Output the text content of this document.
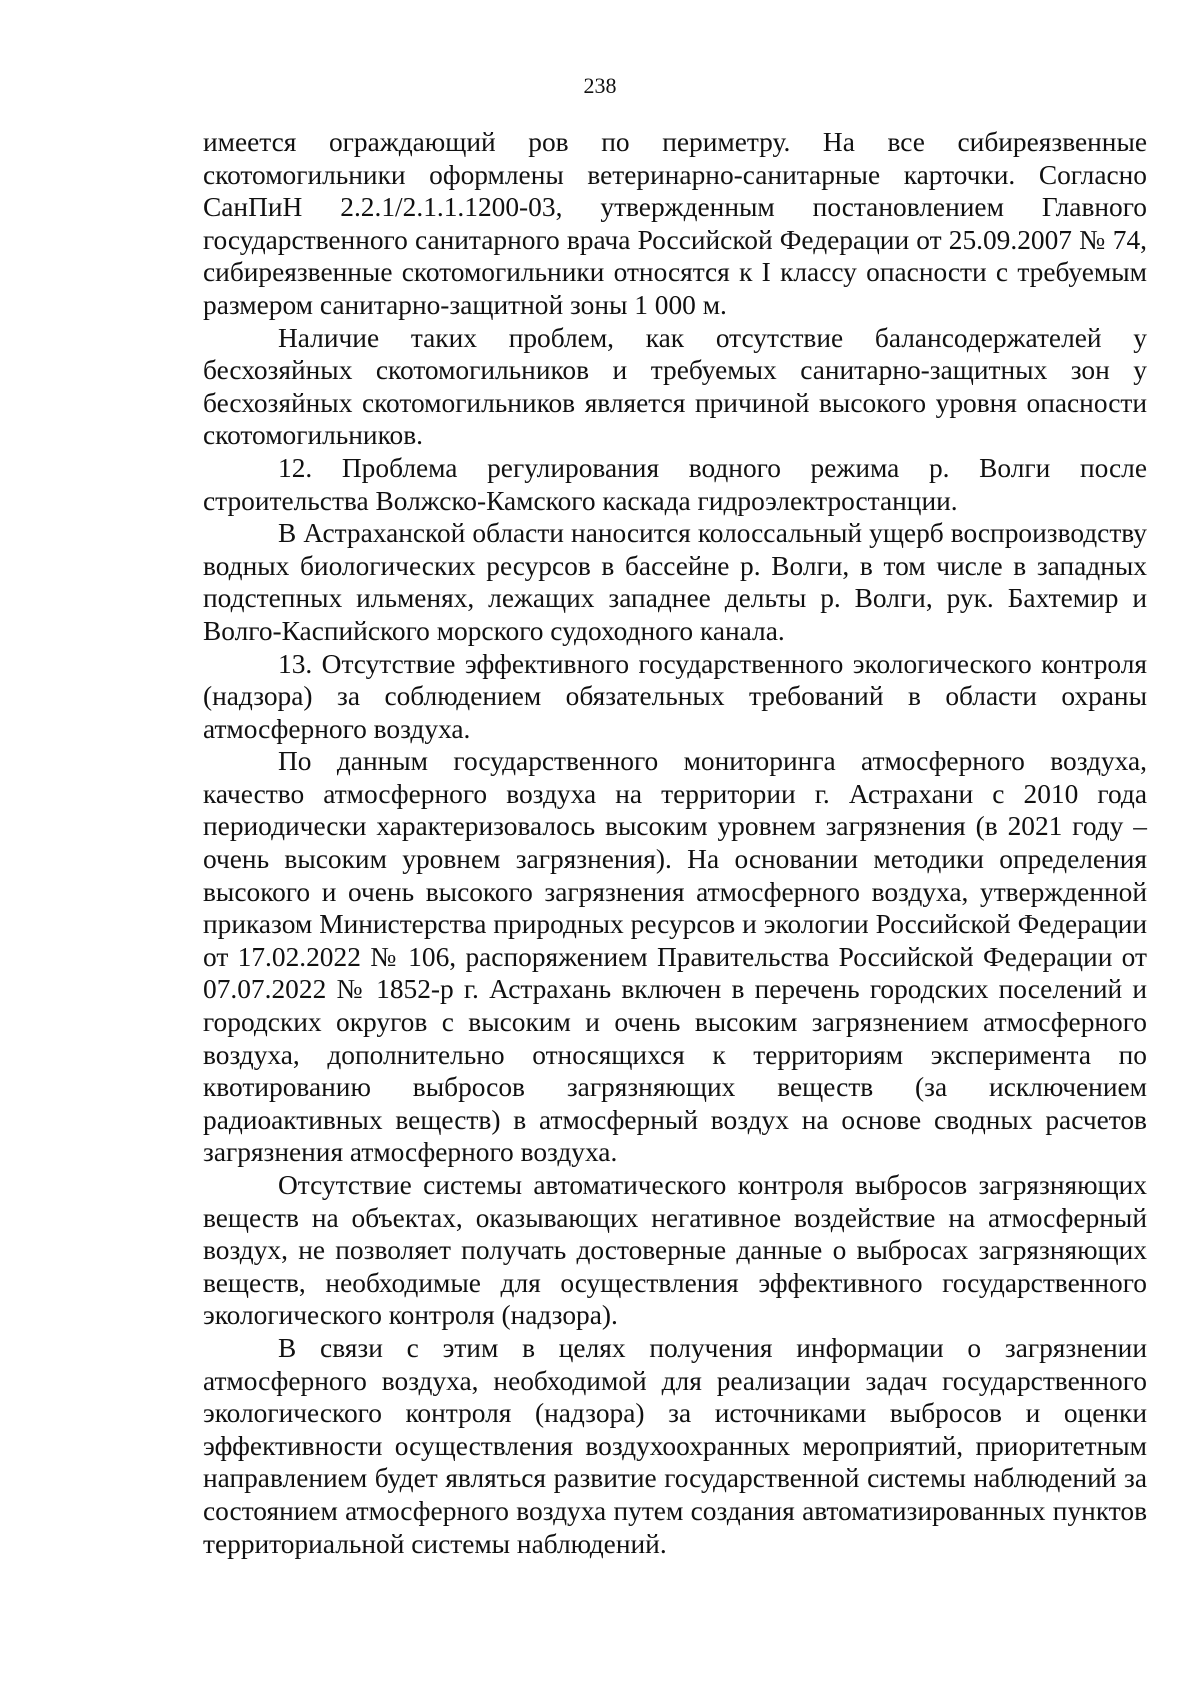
238

имеется ограждающий ров по периметру. На все сибиреязвенные скотомогильники оформлены ветеринарно-санитарные карточки. Согласно СанПиН 2.2.1/2.1.1.1200-03, утвержденным постановлением Главного государственного санитарного врача Российской Федерации от 25.09.2007 № 74, сибиреязвенные скотомогильники относятся к I классу опасности с требуемым размером санитарно-защитной зоны 1 000 м.

Наличие таких проблем, как отсутствие балансодержателей у бесхозяйных скотомогильников и требуемых санитарно-защитных зон у бесхозяйных скотомогильников является причиной высокого уровня опасности скотомогильников.

12. Проблема регулирования водного режима р. Волги после строительства Волжско-Камского каскада гидроэлектростанции.

В Астраханской области наносится колоссальный ущерб воспроизводству водных биологических ресурсов в бассейне р. Волги, в том числе в западных подстепных ильменях, лежащих западнее дельты р. Волги, рук. Бахтемир и Волго-Каспийского морского судоходного канала.

13. Отсутствие эффективного государственного экологического контроля (надзора) за соблюдением обязательных требований в области охраны атмосферного воздуха.

По данным государственного мониторинга атмосферного воздуха, качество атмосферного воздуха на территории г. Астрахани с 2010 года периодически характеризовалось высоким уровнем загрязнения (в 2021 году – очень высоким уровнем загрязнения). На основании методики определения высокого и очень высокого загрязнения атмосферного воздуха, утвержденной приказом Министерства природных ресурсов и экологии Российской Федерации от 17.02.2022 № 106, распоряжением Правительства Российской Федерации от 07.07.2022 № 1852-р г. Астрахань включен в перечень городских поселений и городских округов с высоким и очень высоким загрязнением атмосферного воздуха, дополнительно относящихся к территориям эксперимента по квотированию выбросов загрязняющих веществ (за исключением радиоактивных веществ) в атмосферный воздух на основе сводных расчетов загрязнения атмосферного воздуха.

Отсутствие системы автоматического контроля выбросов загрязняющих веществ на объектах, оказывающих негативное воздействие на атмосферный воздух, не позволяет получать достоверные данные о выбросах загрязняющих веществ, необходимые для осуществления эффективного государственного экологического контроля (надзора).

В связи с этим в целях получения информации о загрязнении атмосферного воздуха, необходимой для реализации задач государственного экологического контроля (надзора) за источниками выбросов и оценки эффективности осуществления воздухоохранных мероприятий, приоритетным направлением будет являться развитие государственной системы наблюдений за состоянием атмосферного воздуха путем создания автоматизированных пунктов территориальной системы наблюдений.
